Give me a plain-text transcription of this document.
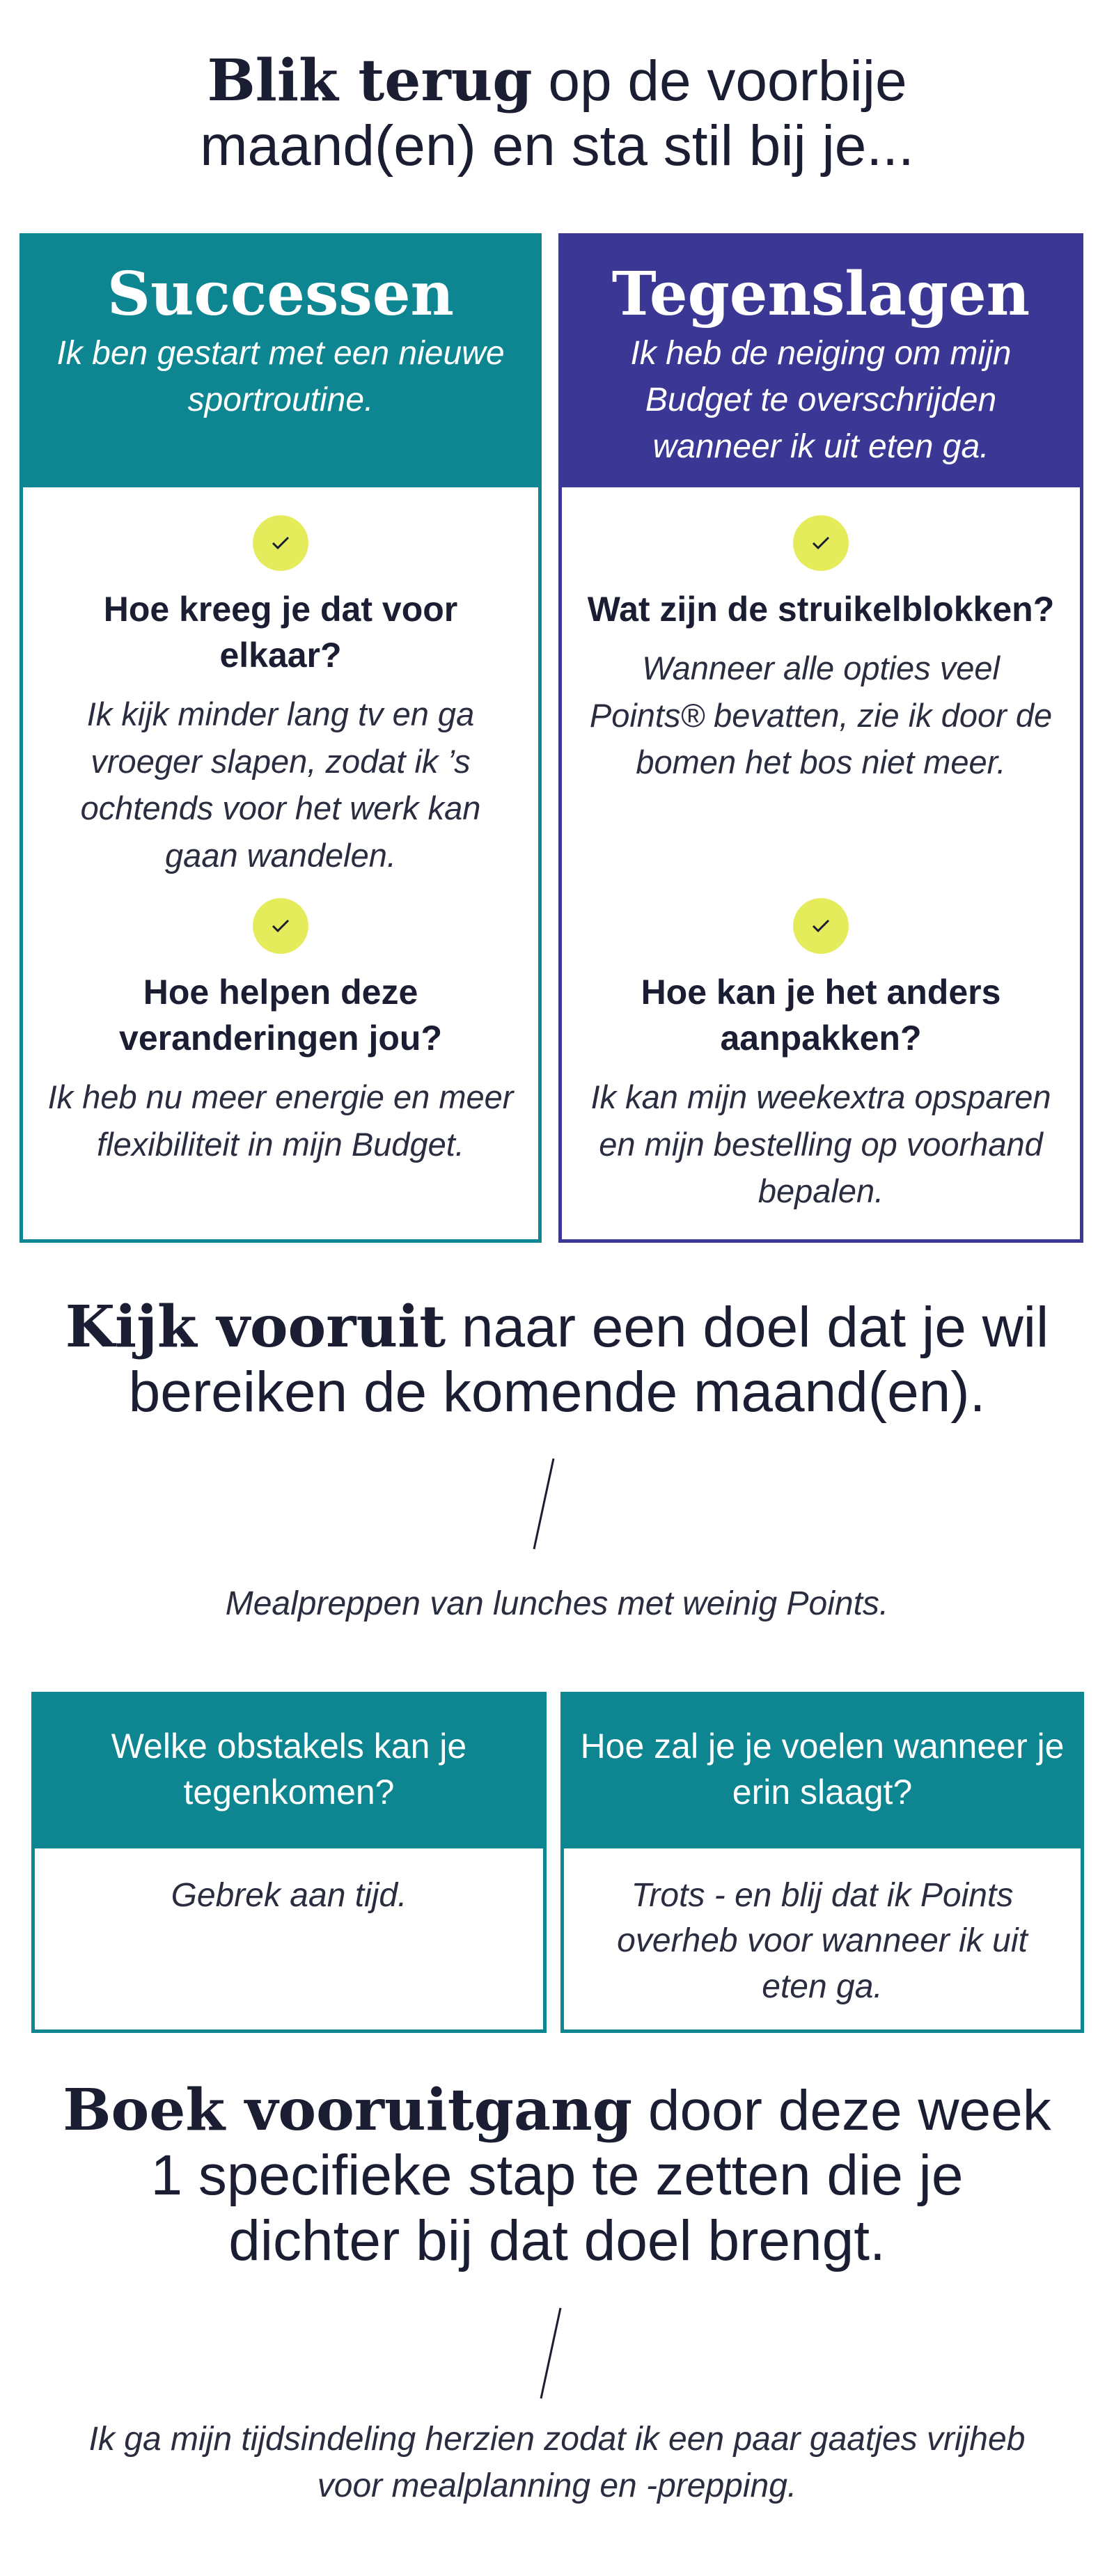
Blik terug op de voorbije
maand(en) en sta stil bij je...
Successen
Ik ben gestart met een nieuwe sportroutine.
Hoe kreeg je dat voor elkaar?
Ik kijk minder lang tv en ga vroeger slapen, zodat ik ’s ochtends voor het werk kan gaan wandelen.
Hoe helpen deze veranderingen jou?
Ik heb nu meer energie en meer flexibiliteit in mijn Budget.
Tegenslagen
Ik heb de neiging om mijn Budget te overschrijden wanneer ik uit eten ga.
Wat zijn de struikelblokken?
Wanneer alle opties veel Points® bevatten, zie ik door de bomen het bos niet meer.
Hoe kan je het anders aanpakken?
Ik kan mijn weekextra opsparen en mijn bestelling op voorhand bepalen.
Kijk vooruit naar een doel dat je wil
bereiken de komende maand(en).
Mealpreppen van lunches met weinig Points.
Welke obstakels kan je tegenkomen?
Gebrek aan tijd.
Hoe zal je je voelen wanneer je erin slaagt?
Trots - en blij dat ik Points overheb voor wanneer ik uit eten ga.
Boek vooruitgang door deze week
1 specifieke stap te zetten die je
dichter bij dat doel brengt.
Ik ga mijn tijdsindeling herzien zodat ik een paar gaatjes vrijheb voor mealplanning en -prepping.
